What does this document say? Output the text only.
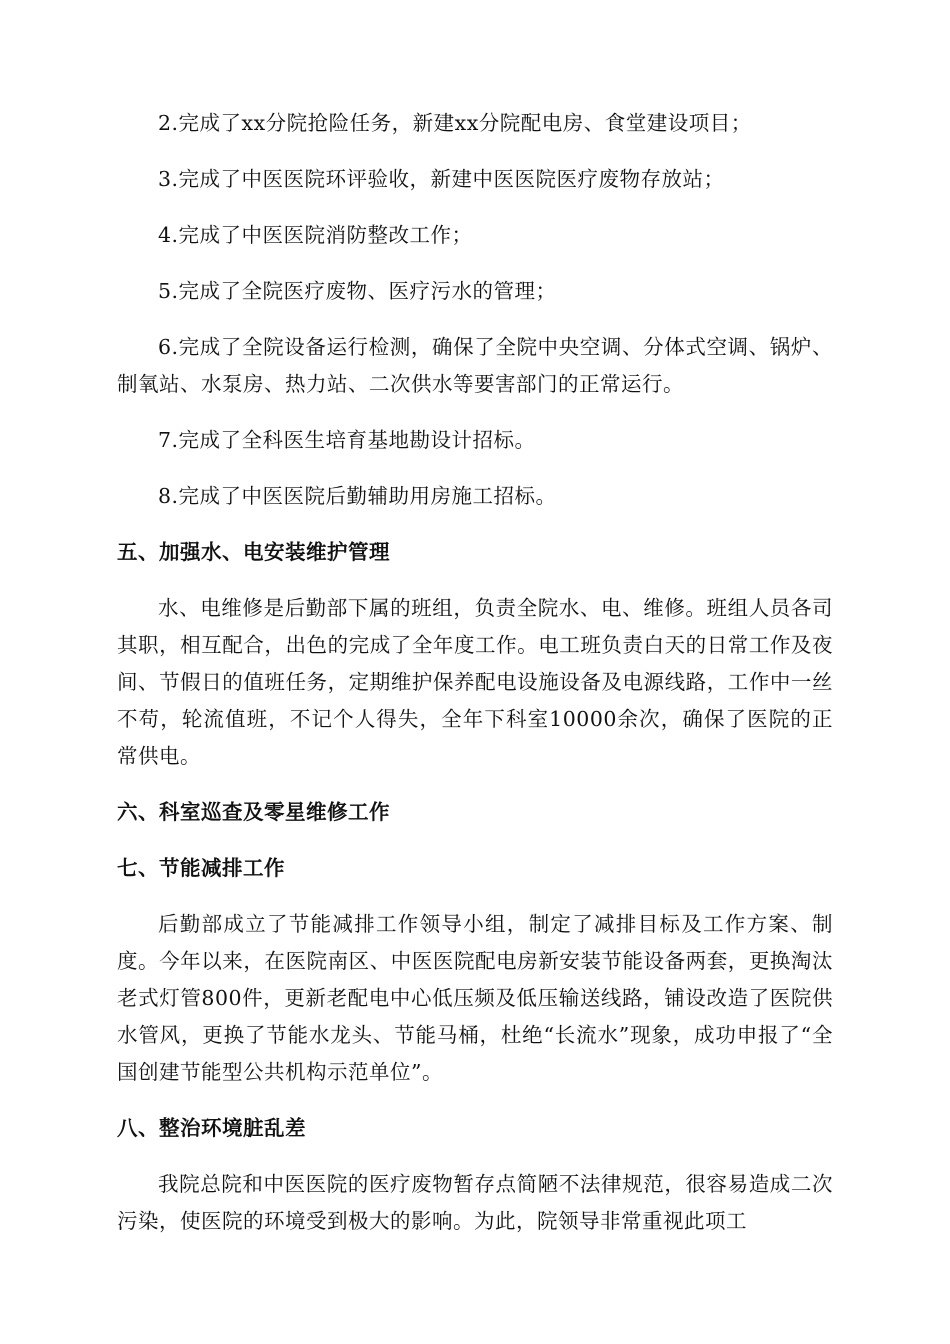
2.完成了xx分院抢险任务，新建xx分院配电房、食堂建设项目；

3.完成了中医医院环评验收，新建中医医院医疗废物存放站；

4.完成了中医医院消防整改工作；

5.完成了全院医疗废物、医疗污水的管理；

6.完成了全院设备运行检测，确保了全院中央空调、分体式空调、锅炉、制氧站、水泵房、热力站、二次供水等要害部门的正常运行。

7.完成了全科医生培育基地勘设计招标。

8.完成了中医医院后勤辅助用房施工招标。

五、加强水、电安装维护管理

水、电维修是后勤部下属的班组，负责全院水、电、维修。班组人员各司其职，相互配合，出色的完成了全年度工作。电工班负责白天的日常工作及夜间、节假日的值班任务，定期维护保养配电设施设备及电源线路，工作中一丝不苟，轮流值班，不记个人得失，全年下科室10000余次，确保了医院的正常供电。

六、科室巡查及零星维修工作
七、节能减排工作

后勤部成立了节能减排工作领导小组，制定了减排目标及工作方案、制度。今年以来，在医院南区、中医医院配电房新安装节能设备两套，更换淘汰老式灯管800件，更新老配电中心低压频及低压输送线路，铺设改造了医院供水管风，更换了节能水龙头、节能马桶，杜绝“长流水”现象，成功申报了“全国创建节能型公共机构示范单位”。

八、整治环境脏乱差

我院总院和中医医院的医疗废物暂存点简陋不法律规范，很容易造成二次污染，使医院的环境受到极大的影响。为此，院领导非常重视此项工
